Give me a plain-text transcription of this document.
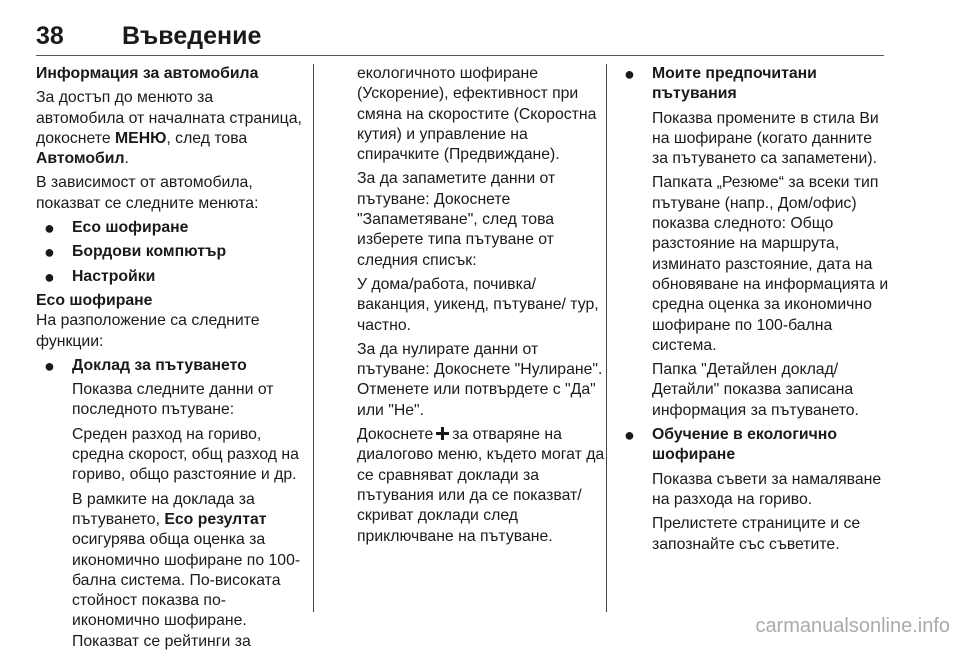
38 Въведение

Информация за автомобила

За достъп до менюто за автомобила от началната страница, докоснете МЕНЮ, след това Автомобил.

В зависимост от автомобила, показват се следните менюта:

● Eco шофиране
● Бордови компютър
● Настройки

Eco шофиране

На разположение са следните функции:

● Доклад за пътуването

Показва следните данни от последното пътуване:

Среден разход на гориво, средна скорост, общ разход на гориво, общо разстояние и др.

В рамките на доклада за пътуването, Eco резултат осигурява обща оценка за икономично шофиране по 100-бална система. По-високата стойност показва по-икономично шофиране. Показват се рейтинги за

екологичното шофиране (Ускорение), ефективност при смяна на скоростите (Скоростна кутия) и управление на спирачките (Предвиждане).

За да запаметите данни от пътуване: Докоснете "Запаметяване", след това изберете типа пътуване от следния списък:

У дома/работа, почивка/ ваканция, уикенд, пътуване/ тур, частно.

За да нулирате данни от пътуване: Докоснете "Нулиране". Отменете или потвърдете с "Да" или "Не".

Докоснете за отваряне на диалогово меню, където могат да се сравняват доклади за пътувания или да се показват/ скриват доклади след приключване на пътуване.

● Моите предпочитани пътувания

Показва промените в стила Ви на шофиране (когато данните за пътуването са запаметени).

Папката „Резюме“ за всеки тип пътуване (напр., Дом/офис) показва следното: Общо разстояние на маршрута, изминато разстояние, дата на обновяване на информацията и средна оценка за икономично шофиране по 100-бална система.

Папка "Детайлен доклад/ Детайли" показва записана информация за пътуването.

● Обучение в екологично шофиране

Показва съвети за намаляване на разхода на гориво.

Прелистете страниците и се запознайте със съветите.

carmanualsonline.info
